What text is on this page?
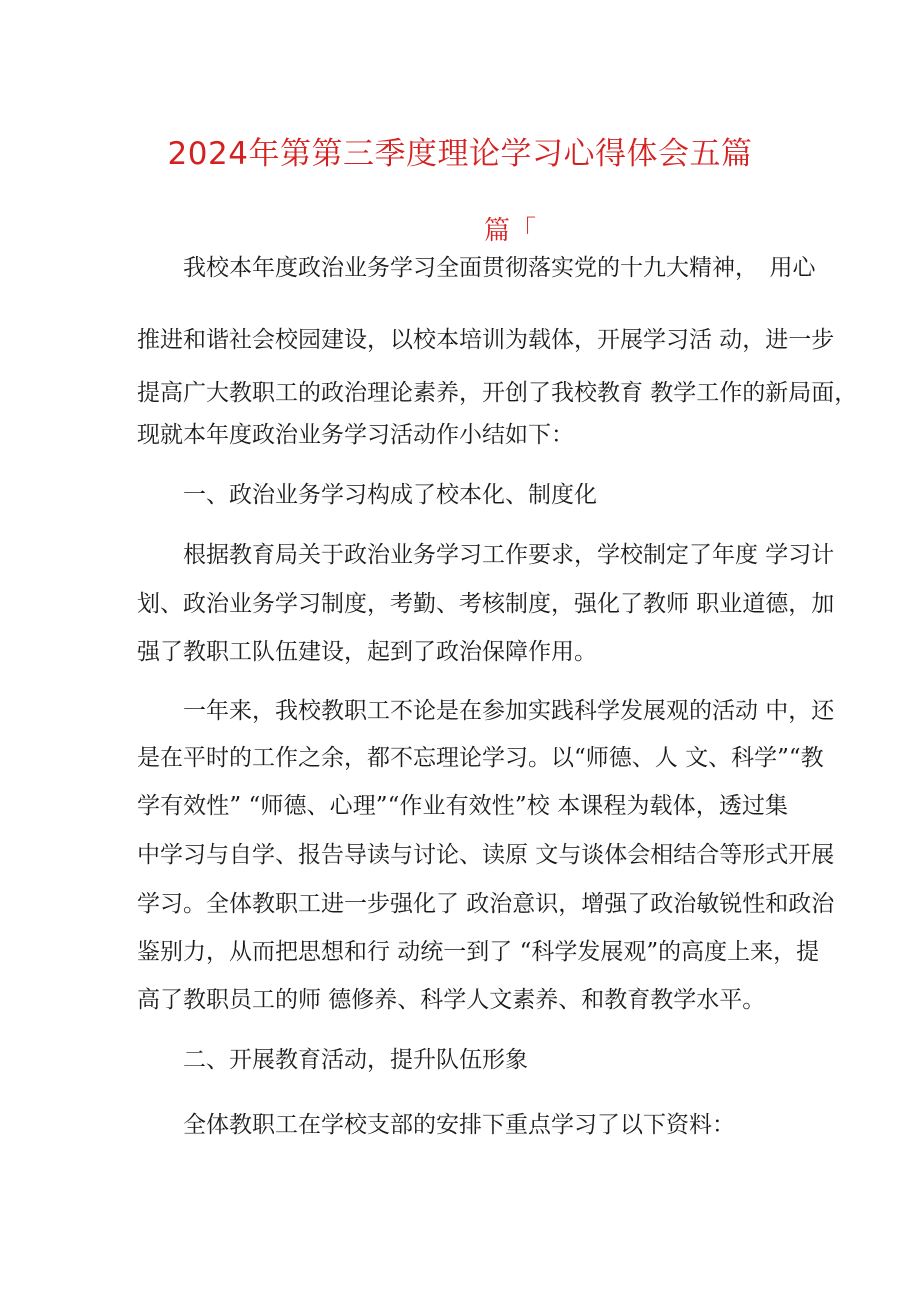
2024年第第三季度理论学习心得体会五篇
篇「
我校本年度政治业务学习全面贯彻落实党的十九大精神，　用心
推进和谐社会校园建设，以校本培训为载体，开展学习活 动，进一步
提高广大教职工的政治理论素养，开创了我校教育 教学工作的新局面，
现就本年度政治业务学习活动作小结如下：
一、政治业务学习构成了校本化、制度化
根据教育局关于政治业务学习工作要求，学校制定了年度 学习计
划、政治业务学习制度，考勤、考核制度，强化了教师 职业道德，加
强了教职工队伍建设，起到了政治保障作用。
一年来，我校教职工不论是在参加实践科学发展观的活动 中，还
是在平时的工作之余，都不忘理论学习。以“师德、人 文、科学”“教
学有效性” “师德、心理”“作业有效性”校 本课程为载体，透过集
中学习与自学、报告导读与讨论、读原 文与谈体会相结合等形式开展
学习。全体教职工进一步强化了 政治意识，增强了政治敏锐性和政治
鉴别力，从而把思想和行 动统一到了 “科学发展观”的高度上来，提
高了教职员工的师 德修养、科学人文素养、和教育教学水平。
二、开展教育活动，提升队伍形象
全体教职工在学校支部的安排下重点学习了以下资料：
